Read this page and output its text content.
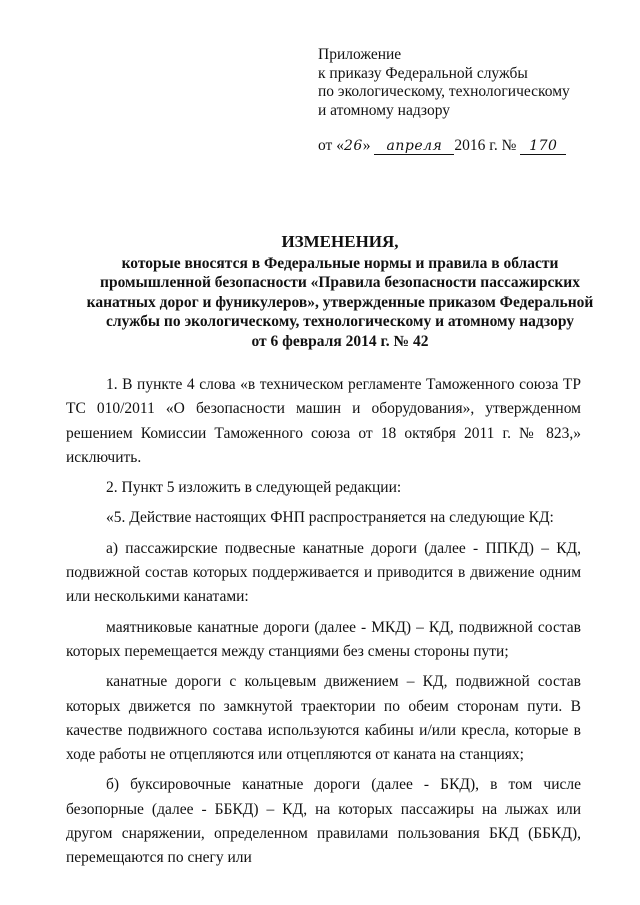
Приложение
к приказу Федеральной службы
по экологическому, технологическому
и атомному надзору
от «26» апреля 2016 г. № 170
ИЗМЕНЕНИЯ,
которые вносятся в Федеральные нормы и правила в области
промышленной безопасности «Правила безопасности пассажирских
канатных дорог и фуникулеров», утвержденные приказом Федеральной
службы по экологическому, технологическому и атомному надзору
от 6 февраля 2014 г. № 42

1. В пункте 4 слова «в техническом регламенте Таможенного союза ТР ТС 010/2011 «О безопасности машин и оборудования», утвержденном решением Комиссии Таможенного союза от 18 октября 2011 г. № 823,» исключить.

2. Пункт 5 изложить в следующей редакции:

«5. Действие настоящих ФНП распространяется на следующие КД:

а) пассажирские подвесные канатные дороги (далее - ППКД) – КД, подвижной состав которых поддерживается и приводится в движение одним или несколькими канатами:

маятниковые канатные дороги (далее - МКД) – КД, подвижной состав которых перемещается между станциями без смены стороны пути;

канатные дороги с кольцевым движением – КД, подвижной состав которых движется по замкнутой траектории по обеим сторонам пути. В качестве подвижного состава используются кабины и/или кресла, которые в ходе работы не отцепляются или отцепляются от каната на станциях;

б) буксировочные канатные дороги (далее - БКД), в том числе безопорные (далее - ББКД) – КД, на которых пассажиры на лыжах или другом снаряжении, определенном правилами пользования БКД (ББКД), перемещаются по снегу или
